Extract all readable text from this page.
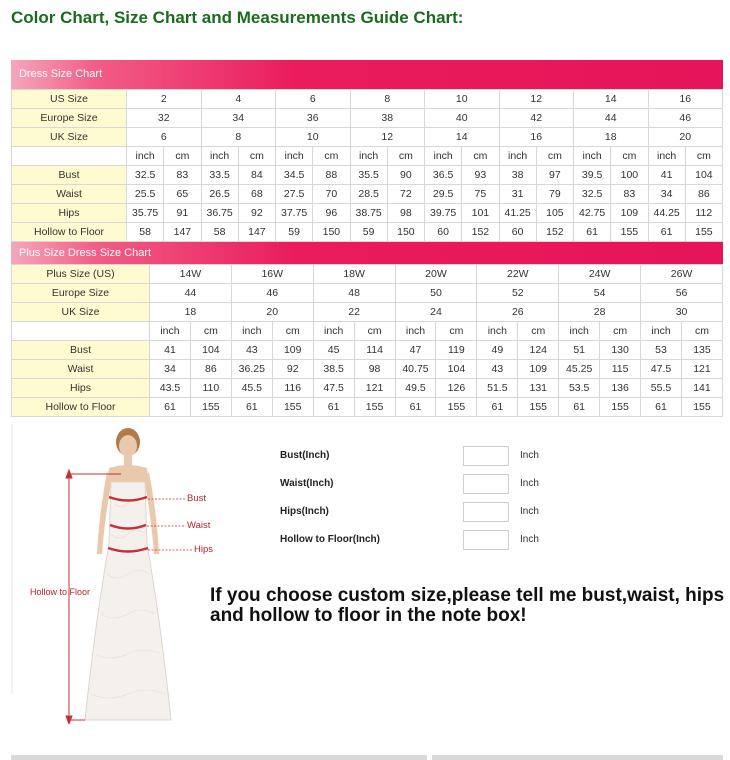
Color Chart, Size Chart and Measurements Guide Chart:
Dress Size Chart
US Size	2		4		6		8		10		12		14		16	
Europe Size	32		34		36		38		40		42		44		46	
UK Size	6		8		10		12		14		16		18		20	
	inch	cm	inch	cm	inch	cm	inch	cm	inch	cm	inch	cm	inch	cm	inch	cm
Bust	32.5	83	33.5	84	34.5	88	35.5	90	36.5	93	38	97	39.5	100	41	104
Waist	25.5	65	26.5	68	27.5	70	28.5	72	29.5	75	31	79	32.5	83	34	86
Hips	35.75	91	36.75	92	37.75	96	38.75	98	39.75	101	41.25	105	42.75	109	44.25	112
Hollow to Floor	58	147	58	147	59	150	59	150	60	152	60	152	61	155	61	155
Plus Size Dress Size Chart
Plus Size (US)	14W		16W		18W		20W		22W		24W		26W	
Europe Size	44		46		48		50		52		54		56	
UK Size	18		20		22		24		26		28		30	
	inch	cm	inch	cm	inch	cm	inch	cm	inch	cm	inch	cm	inch	cm
Bust	41	104	43	109	45	114	47	119	49	124	51	130	53	135
Waist	34	86	36.25	92	38.5	98	40.75	104	43	109	45.25	115	47.5	121
Hips	43.5	110	45.5	116	47.5	121	49.5	126	51.5	131	53.5	136	55.5	141
Hollow to Floor	61	155	61	155	61	155	61	155	61	155	61	155	61	155
Bust
Waist
Hips
Hollow to Floor
Bust(Inch)	Inch
Waist(Inch)	Inch
Hips(Inch)	Inch
Hollow to Floor(Inch)	Inch
If you choose custom size,please tell me bust,waist, hips and hollow to floor in the note box!
